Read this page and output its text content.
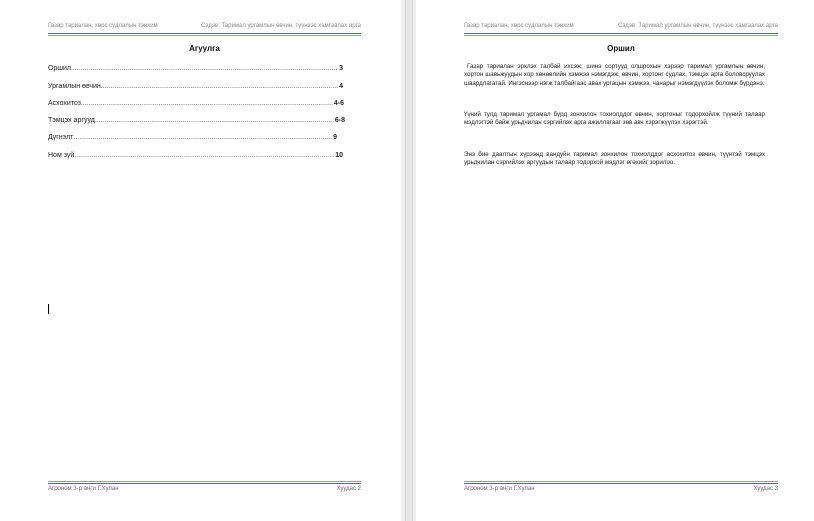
Газар тариалан, хөрс судлалын тэнхим	Сэдэв: Таримал ургамлын өвчин, түүнээс хамгаалах арга
Агуулга
Оршил .....	3
Ургамлын өвчин .....	4
Асхохитоз .....	4-6
Тэмцэх аргууд .....	6-8
Дүгнэлт .....	9
Ном зүй .....	10
Агроном 3-р анги Г.Хулан	Хуудас 2
Газар тариалан, хөрс судлалын тэнхим	Сэдэв: Таримал ургамлын өвчин, түүнээс хамгаалах арга
Оршил
Газар тариалан эрхлэх талбай ихсэж, шинэ сортууд олшрохын хэрээр таримал ургамлын өвчин, хортон шавьжуудын хор хөнөөлийн хэмжээ нэмэгдэж, өвчин, хортонг судлах, тэмцэх арга боловсруулах шаардлагатай. Ингэснээр нэгж талбайгаас авах ургацын хэмжээ, чанарыг нэмэгдүүлэх боломж бүрдэнэ.
Үүний тулд таримал ургамал бүрд зонхилон тохиолддог өвчин, хортоныг тодорхойлж түүний талаар мэдлэгтэй байж урьдчилан сэргийлэх арга ажиллагааг зөв авч хэрэгжүүлэх хэрэгтэй.
Энэ бие даалтын хүрээнд вандуйн таримал зонхилон тохиолддог асхохитоз өвчин, түүнтэй тэмцэх урьдчилан сэргийлэх аргуудын талаар тодорхой мэдлэг өгөхийг зорилоо.
Агроном 3-р анги Г.Хулан	Хуудас 3
